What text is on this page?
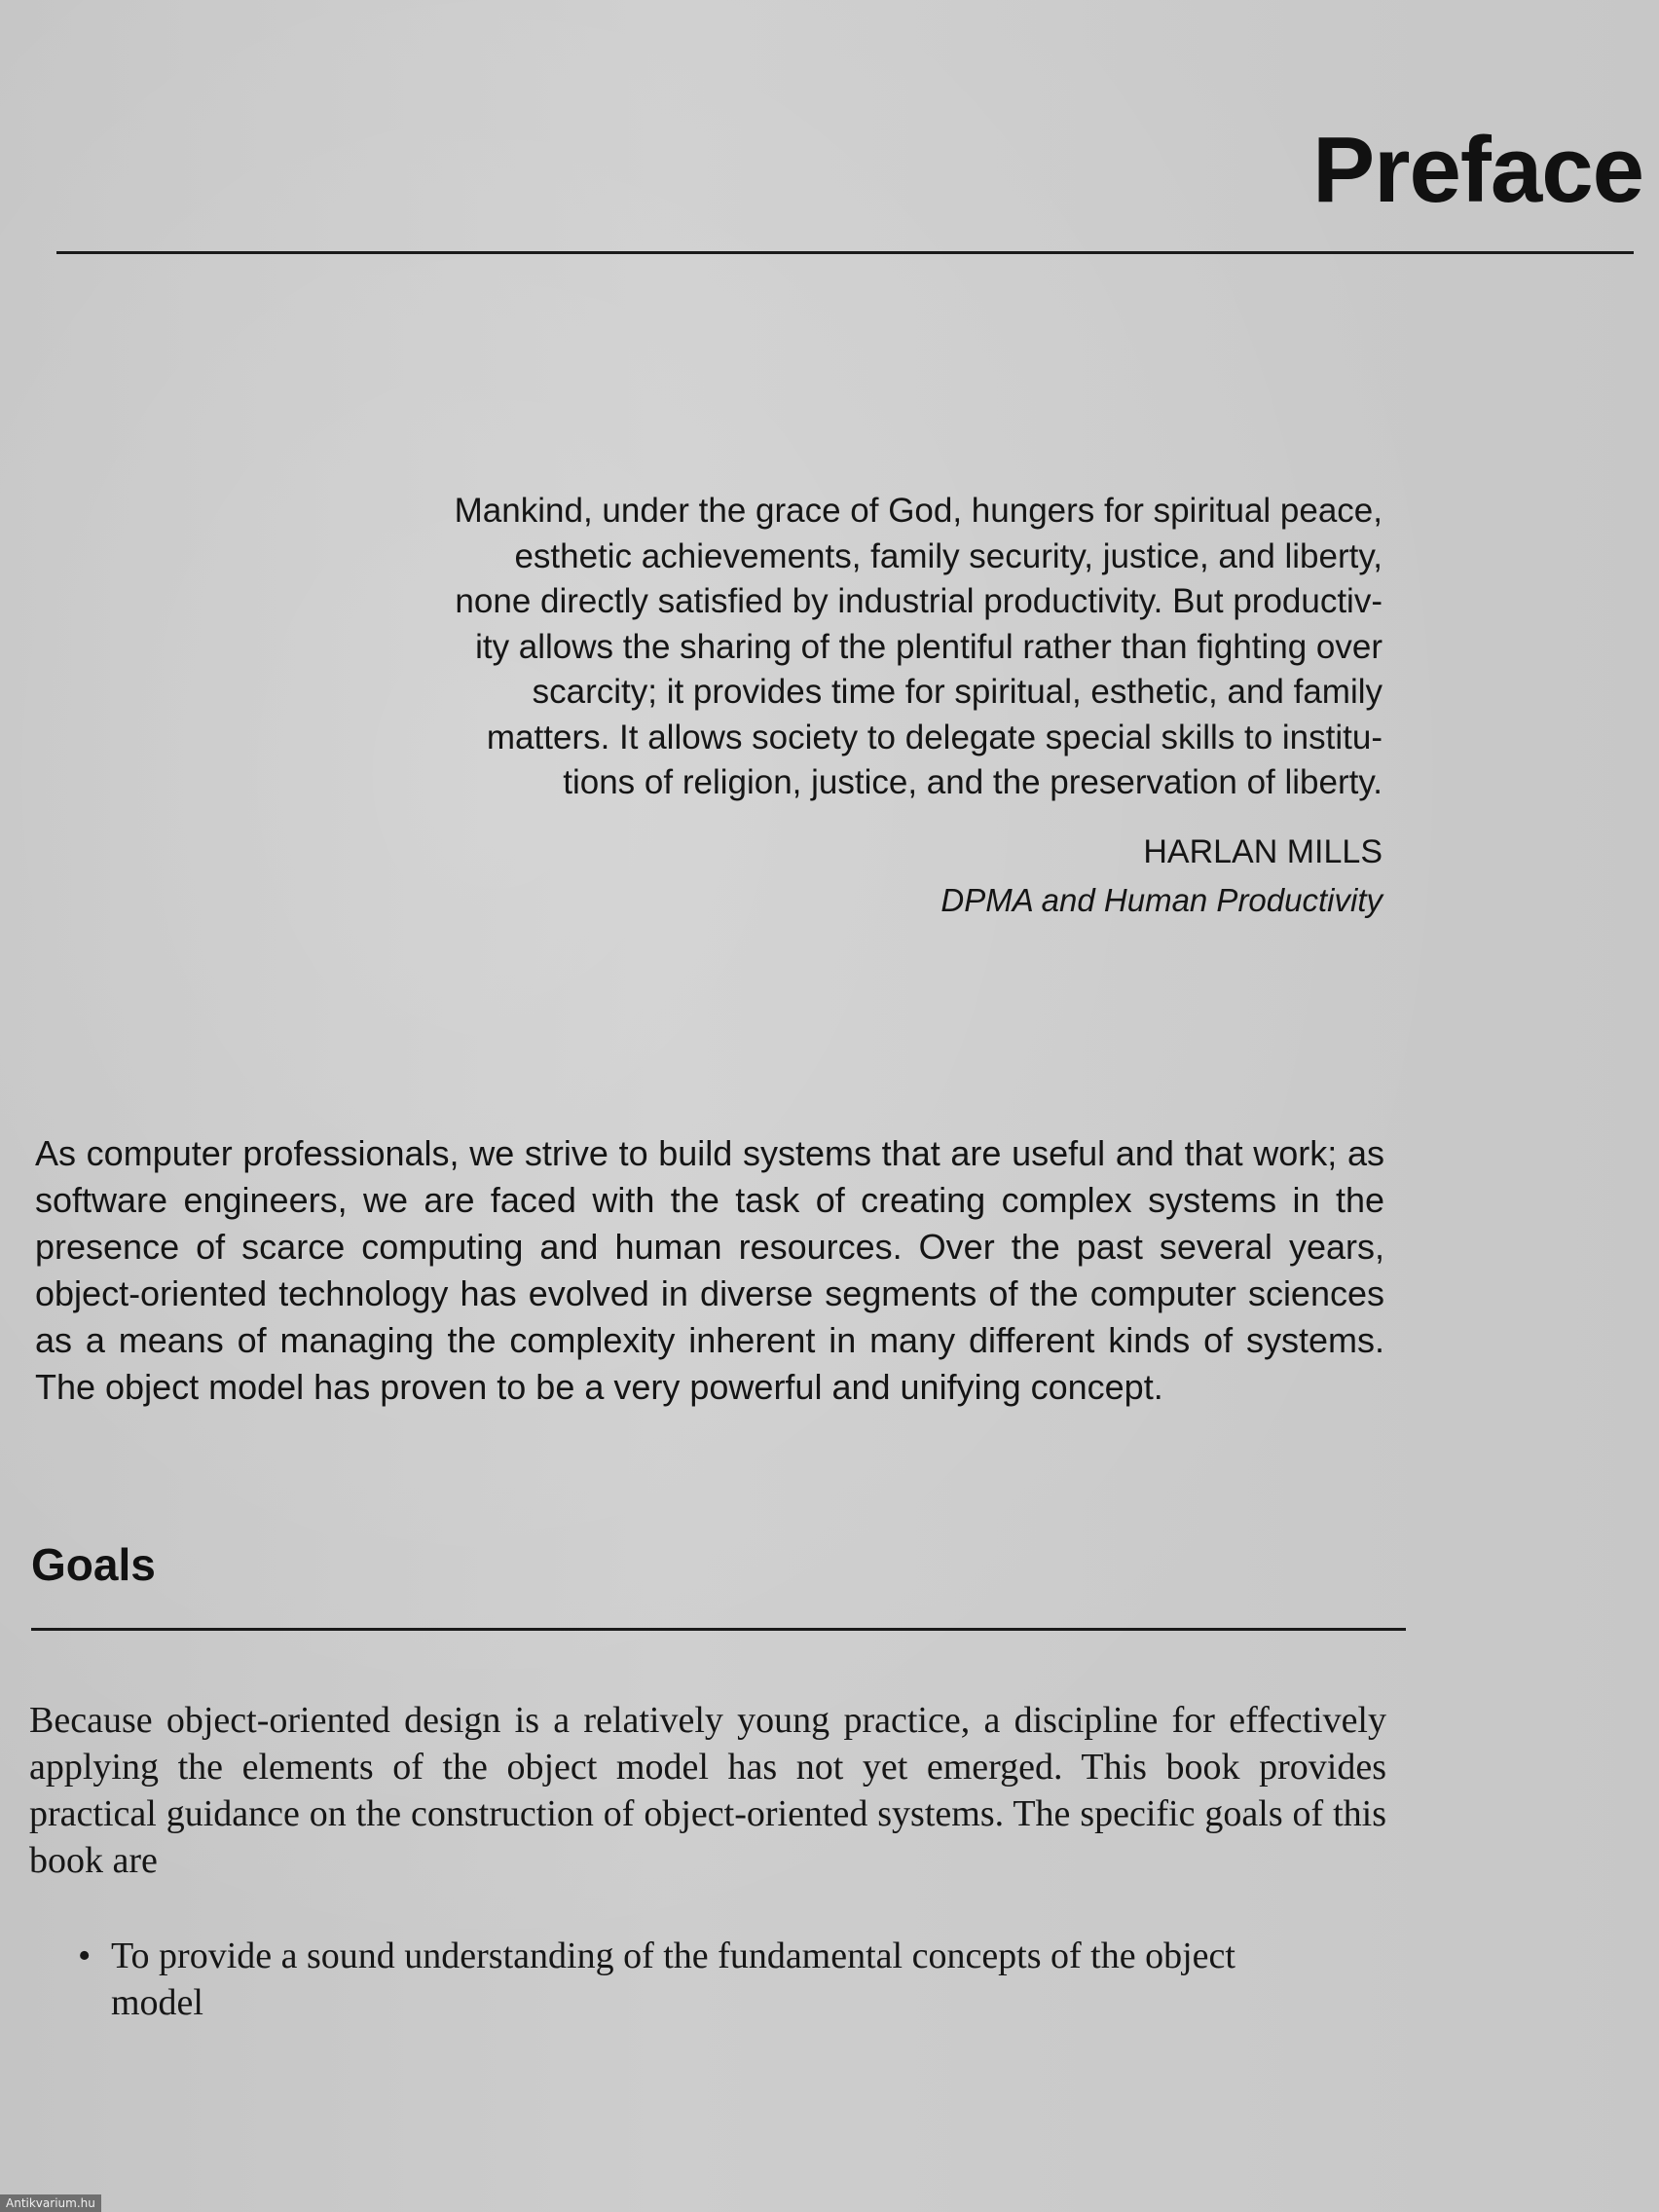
Preface

Mankind, under the grace of God, hungers for spiritual peace,

esthetic achievements, family security, justice, and liberty,

none directly satisfied by industrial productivity. But productiv-

ity allows the sharing of the plentiful rather than fighting over

scarcity; it provides time for spiritual, esthetic, and family

matters. It allows society to delegate special skills to institu-

tions of religion, justice, and the preservation of liberty.

HARLAN MILLS
DPMA and Human Productivity

As computer professionals, we strive to build systems that are useful and that work; as software engineers, we are faced with the task of creating complex systems in the presence of scarce computing and human resources. Over the past several years, object-oriented technology has evolved in diverse segments of the computer sciences as a means of managing the complexity inherent in many different kinds of systems. The object model has proven to be a very powerful and unifying concept.

Goals

Because object-oriented design is a relatively young practice, a discipline for effectively applying the elements of the object model has not yet emerged. This book provides practical guidance on the construction of object-oriented systems. The specific goals of this book are

• To provide a sound understanding of the fundamental concepts of the object model
Antikvarium.hu
